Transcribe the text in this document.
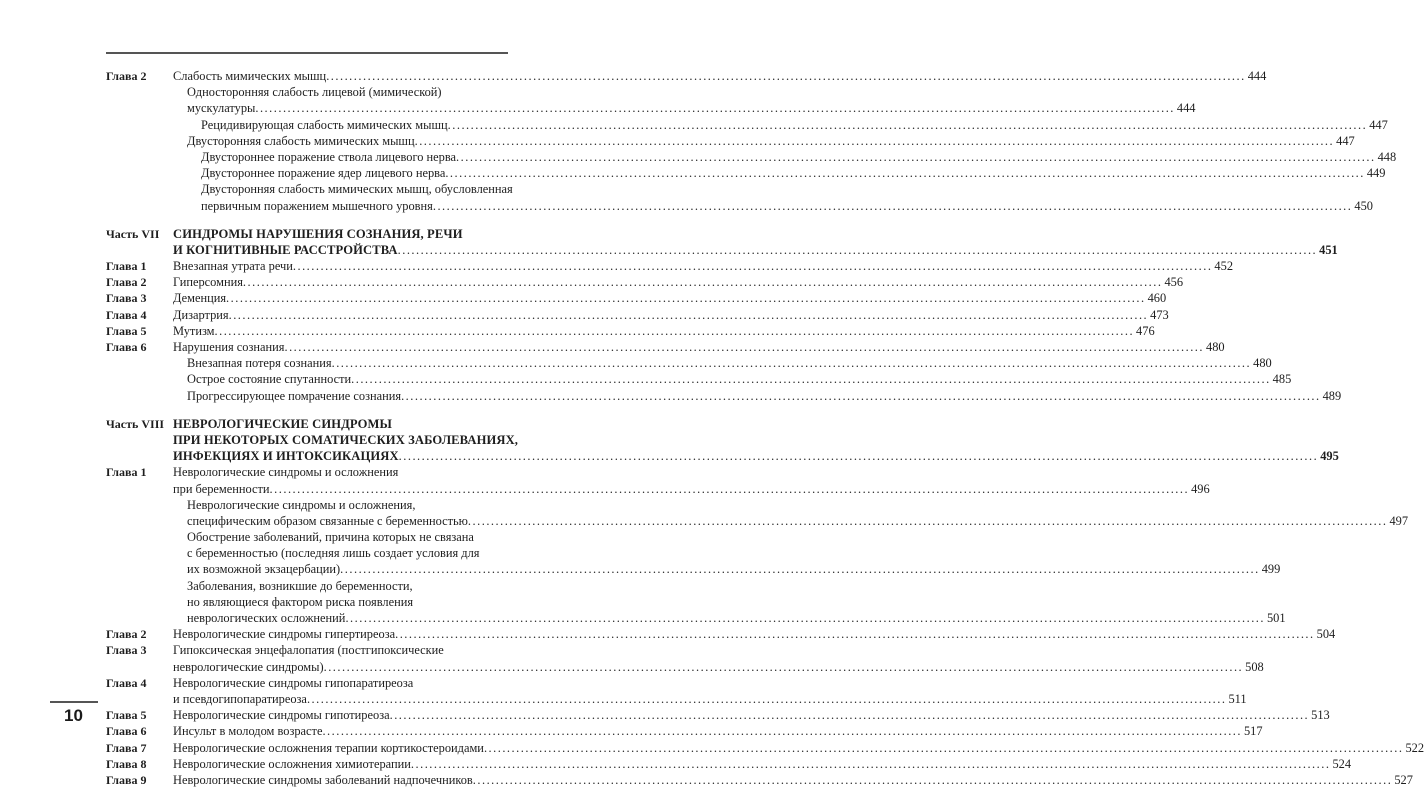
Глава 2 Слабость мимических мышц ........................................................................................................................................................................................................ 444
Односторонняя слабость лицевой (мимической)
мускулатуры ........................................................................................................................................................................................................ 444
Рецидивирующая слабость мимических мышц ........................................................................................................................................................................................................ 447
Двусторонняя слабость мимических мышц ........................................................................................................................................................................................................ 447
Двустороннее поражение ствола лицевого нерва ........................................................................................................................................................................................................ 448
Двустороннее поражение ядер лицевого нерва ........................................................................................................................................................................................................ 449
Двусторонняя слабость мимических мышц, обусловленная
первичным поражением мышечного уровня ........................................................................................................................................................................................................ 450
Часть VII СИНДРОМЫ НАРУШЕНИЯ СОЗНАНИЯ, РЕЧИ
И КОГНИТИВНЫЕ РАССТРОЙСТВА ........................................................................................................................................................................................................ 451
Глава 1 Внезапная утрата речи ........................................................................................................................................................................................................ 452
Глава 2 Гиперсомния ........................................................................................................................................................................................................ 456
Глава 3 Деменция ........................................................................................................................................................................................................ 460
Глава 4 Дизартрия ........................................................................................................................................................................................................ 473
Глава 5 Мутизм ........................................................................................................................................................................................................ 476
Глава 6 Нарушения сознания ........................................................................................................................................................................................................ 480
Внезапная потеря сознания ........................................................................................................................................................................................................ 480
Острое состояние спутанности ........................................................................................................................................................................................................ 485
Прогрессирующее помрачение сознания ........................................................................................................................................................................................................ 489
Часть VIII НЕВРОЛОГИЧЕСКИЕ СИНДРОМЫ
ПРИ НЕКОТОРЫХ СОМАТИЧЕСКИХ ЗАБОЛЕВАНИЯХ,
ИНФЕКЦИЯХ И ИНТОКСИКАЦИЯХ ........................................................................................................................................................................................................ 495
Глава 1 Неврологические синдромы и осложнения
при беременности ........................................................................................................................................................................................................ 496
Неврологические синдромы и осложнения,
специфическим образом связанные с беременностью ........................................................................................................................................................................................................ 497
Обострение заболеваний, причина которых не связана
с беременностью (последняя лишь создает условия для
их возможной экзацербации) ........................................................................................................................................................................................................ 499
Заболевания, возникшие до беременности,
но являющиеся фактором риска появления
неврологических осложнений ........................................................................................................................................................................................................ 501
Глава 2 Неврологические синдромы гипертиреоза ........................................................................................................................................................................................................ 504
Глава 3 Гипоксическая энцефалопатия (постгипоксические
неврологические синдромы) ........................................................................................................................................................................................................ 508
Глава 4 Неврологические синдромы гипопаратиреоза
и псевдогипопаратиреоза ........................................................................................................................................................................................................ 511
Глава 5 Неврологические синдромы гипотиреоза ........................................................................................................................................................................................................ 513
Глава 6 Инсульт в молодом возрасте ........................................................................................................................................................................................................ 517
Глава 7 Неврологические осложнения терапии кортикостероидами ........................................................................................................................................................................................................ 522
Глава 8 Неврологические осложнения химиотерапии ........................................................................................................................................................................................................ 524
Глава 9 Неврологические синдромы заболеваний надпочечников ........................................................................................................................................................................................................ 527
10
